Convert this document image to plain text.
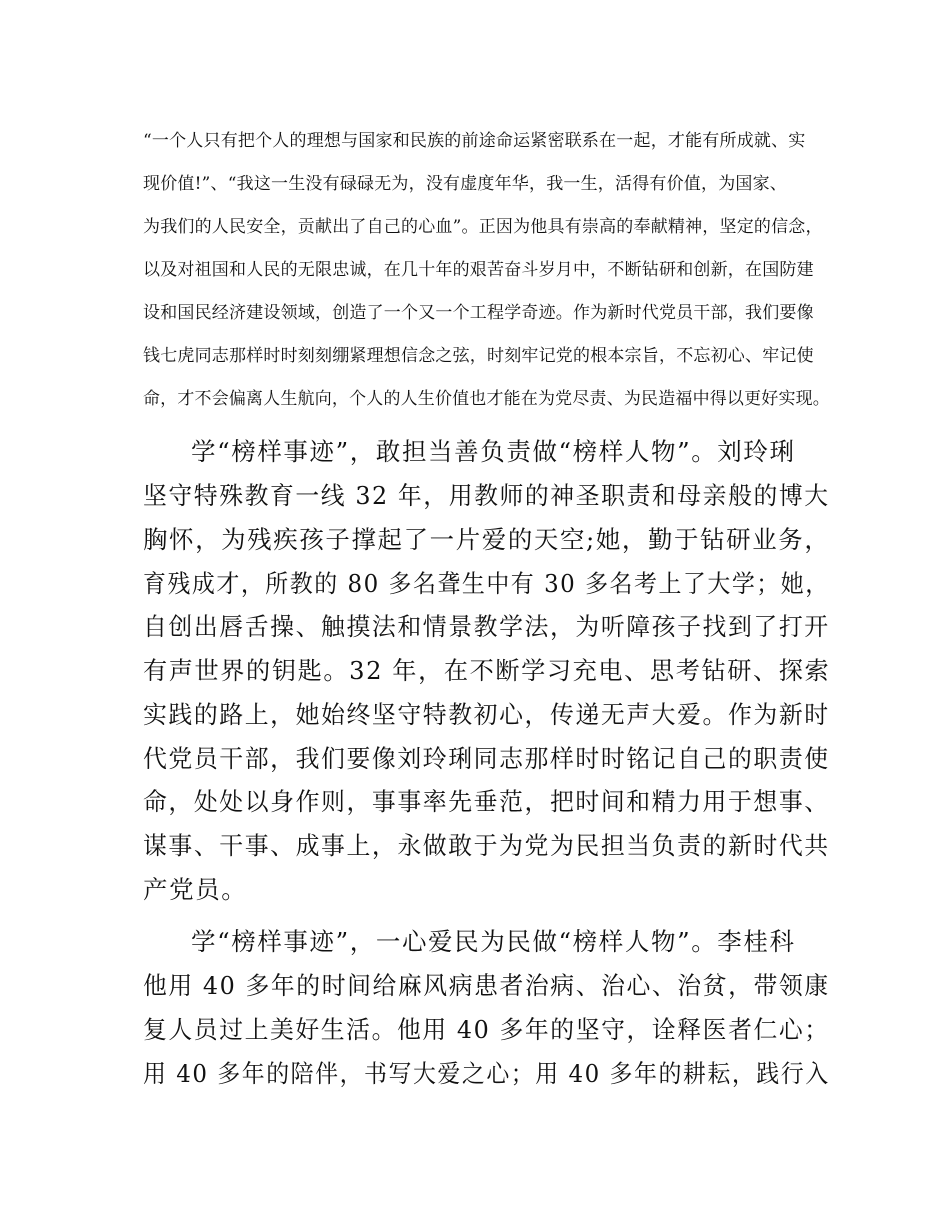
“一个人只有把个人的理想与国家和民族的前途命运紧密联系在一起，才能有所成就、实
现价值!”、“我这一生没有碌碌无为，没有虚度年华，我一生，活得有价值，为国家、
为我们的人民安全，贡献出了自己的心血”。正因为他具有崇高的奉献精神，坚定的信念，
以及对祖国和人民的无限忠诚，在几十年的艰苦奋斗岁月中，不断钻研和创新，在国防建
设和国民经济建设领域，创造了一个又一个工程学奇迹。作为新时代党员干部，我们要像
钱七虎同志那样时时刻刻绷紧理想信念之弦，时刻牢记党的根本宗旨，不忘初心、牢记使
命，才不会偏离人生航向，个人的人生价值也才能在为党尽责、为民造福中得以更好实现。
学“榜样事迹”，敢担当善负责做“榜样人物”。刘玲琍
坚守特殊教育一线 32 年，用教师的神圣职责和母亲般的博大
胸怀，为残疾孩子撑起了一片爱的天空;她，勤于钻研业务，
育残成才，所教的 80 多名聋生中有 30 多名考上了大学；她，
自创出唇舌操、触摸法和情景教学法，为听障孩子找到了打开
有声世界的钥匙。32 年，在不断学习充电、思考钻研、探索
实践的路上，她始终坚守特教初心，传递无声大爱。作为新时
代党员干部，我们要像刘玲琍同志那样时时铭记自己的职责使
命，处处以身作则，事事率先垂范，把时间和精力用于想事、
谋事、干事、成事上，永做敢于为党为民担当负责的新时代共
产党员。
学“榜样事迹”，一心爱民为民做“榜样人物”。李桂科
他用 40 多年的时间给麻风病患者治病、治心、治贫，带领康
复人员过上美好生活。他用 40 多年的坚守，诠释医者仁心；
用 40 多年的陪伴，书写大爱之心；用 40 多年的耕耘，践行入
